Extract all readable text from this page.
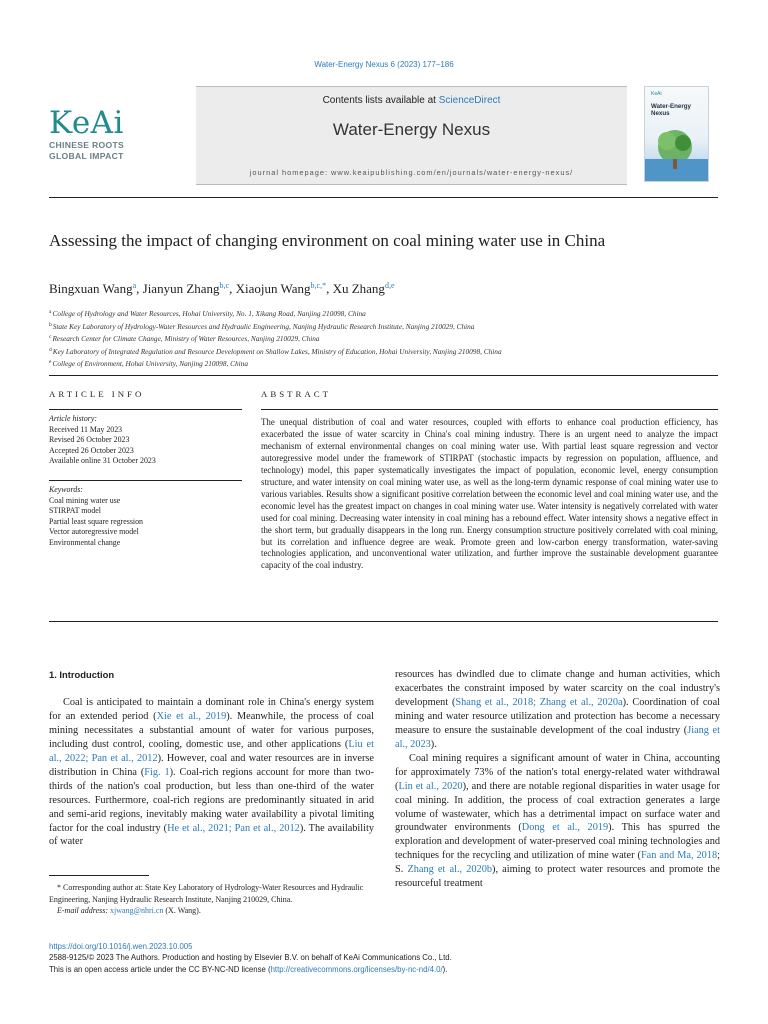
Water-Energy Nexus 6 (2023) 177–186
KeAi
CHINESE ROOTS
GLOBAL IMPACT
Contents lists available at ScienceDirect
Water-Energy Nexus
journal homepage: www.keaipublishing.com/en/journals/water-energy-nexus/
KeAi
Water-Energy
Nexus
Assessing the impact of changing environment on coal mining water use in China
Bingxuan Wang$^a$, Jianyun Zhang$^{b,c}$, Xiaojun Wang$^{b,c,*}$, Xu Zhang$^{d,e}$
$^a$College of Hydrology and Water Resources, Hohai University, No. 1, Xikang Road, Nanjing 210098, China
$^b$State Key Laboratory of Hydrology-Water Resources and Hydraulic Engineering, Nanjing Hydraulic Research Institute, Nanjing 210029, China
$^c$Research Center for Climate Change, Ministry of Water Resources, Nanjing 210029, China
$^d$Key Laboratory of Integrated Regulation and Resource Development on Shallow Lakes, Ministry of Education, Hohai University, Nanjing 210098, China
$^e$College of Environment, Hohai University, Nanjing 210098, China
ARTICLE INFO
Article history:
Received 11 May 2023
Revised 26 October 2023
Accepted 26 October 2023
Available online 31 October 2023
Keywords:
Coal mining water use
STIRPAT model
Partial least square regression
Vector autoregressive model
Environmental change
ABSTRACT
The unequal distribution of coal and water resources, coupled with efforts to enhance coal production efficiency, has exacerbated the issue of water scarcity in China's coal mining industry. There is an urgent need to analyze the impact mechanism of external environmental changes on coal mining water use. With partial least square regression and vector autoregressive model under the framework of STIRPAT (stochastic impacts by regression on population, affluence, and technology) model, this paper systematically investigates the impact of population, economic level, energy consumption structure, and water intensity on coal mining water use, as well as the long-term dynamic response of coal mining water use to various variables. Results show a significant positive correlation between the economic level and coal mining water use, and the economic level has the greatest impact on changes in coal mining water use. Water intensity is negatively correlated with water used for coal mining. Decreasing water intensity in coal mining has a rebound effect. Water intensity shows a negative effect in the short term, but gradually disappears in the long run. Energy consumption structure positively correlated with coal mining, but its correlation and influence degree are weak. Promote green and low-carbon energy transformation, water-saving technologies application, and unconventional water utilization, and further improve the sustainable development guarantee capacity of the coal industry.

1. Introduction

Coal is anticipated to maintain a dominant role in China's energy system for an extended period (Xie et al., 2019). Meanwhile, the process of coal mining necessitates a substantial amount of water for various purposes, including dust control, cooling, domestic use, and other applications (Liu et al., 2022; Pan et al., 2012). However, coal and water resources are in inverse distribution in China (Fig. 1). Coal-rich regions account for more than two-thirds of the nation's coal production, but less than one-third of the water resources. Furthermore, coal-rich regions are predominantly situated in arid and semi-arid regions, inevitably making water availability a pivotal limiting factor for the coal industry (He et al., 2021; Pan et al., 2012). The availability of water

resources has dwindled due to climate change and human activities, which exacerbates the constraint imposed by water scarcity on the coal industry's development (Shang et al., 2018; Zhang et al., 2020a). Coordination of coal mining and water resource utilization and protection has become a necessary measure to ensure the sustainable development of the coal industry (Jiang et al., 2023).

Coal mining requires a significant amount of water in China, accounting for approximately 73% of the nation's total energy-related water withdrawal (Lin et al., 2020), and there are notable regional disparities in water usage for coal mining. In addition, the process of coal extraction generates a large volume of wastewater, which has a detrimental impact on surface water and groundwater environments (Dong et al., 2019). This has spurred the exploration and development of water-preserved coal mining technologies and techniques for the recycling and utilization of mine water (Fan and Ma, 2018; S. Zhang et al., 2020b), aiming to protect water resources and promote the resourceful treatment

* Corresponding author at: State Key Laboratory of Hydrology-Water Resources and Hydraulic Engineering, Nanjing Hydraulic Research Institute, Nanjing 210029, China.
E-mail address: xjwang@nhri.cn (X. Wang).
https://doi.org/10.1016/j.wen.2023.10.005
2588-9125/© 2023 The Authors. Production and hosting by Elsevier B.V. on behalf of KeAi Communications Co., Ltd.
This is an open access article under the CC BY-NC-ND license (http://creativecommons.org/licenses/by-nc-nd/4.0/).
